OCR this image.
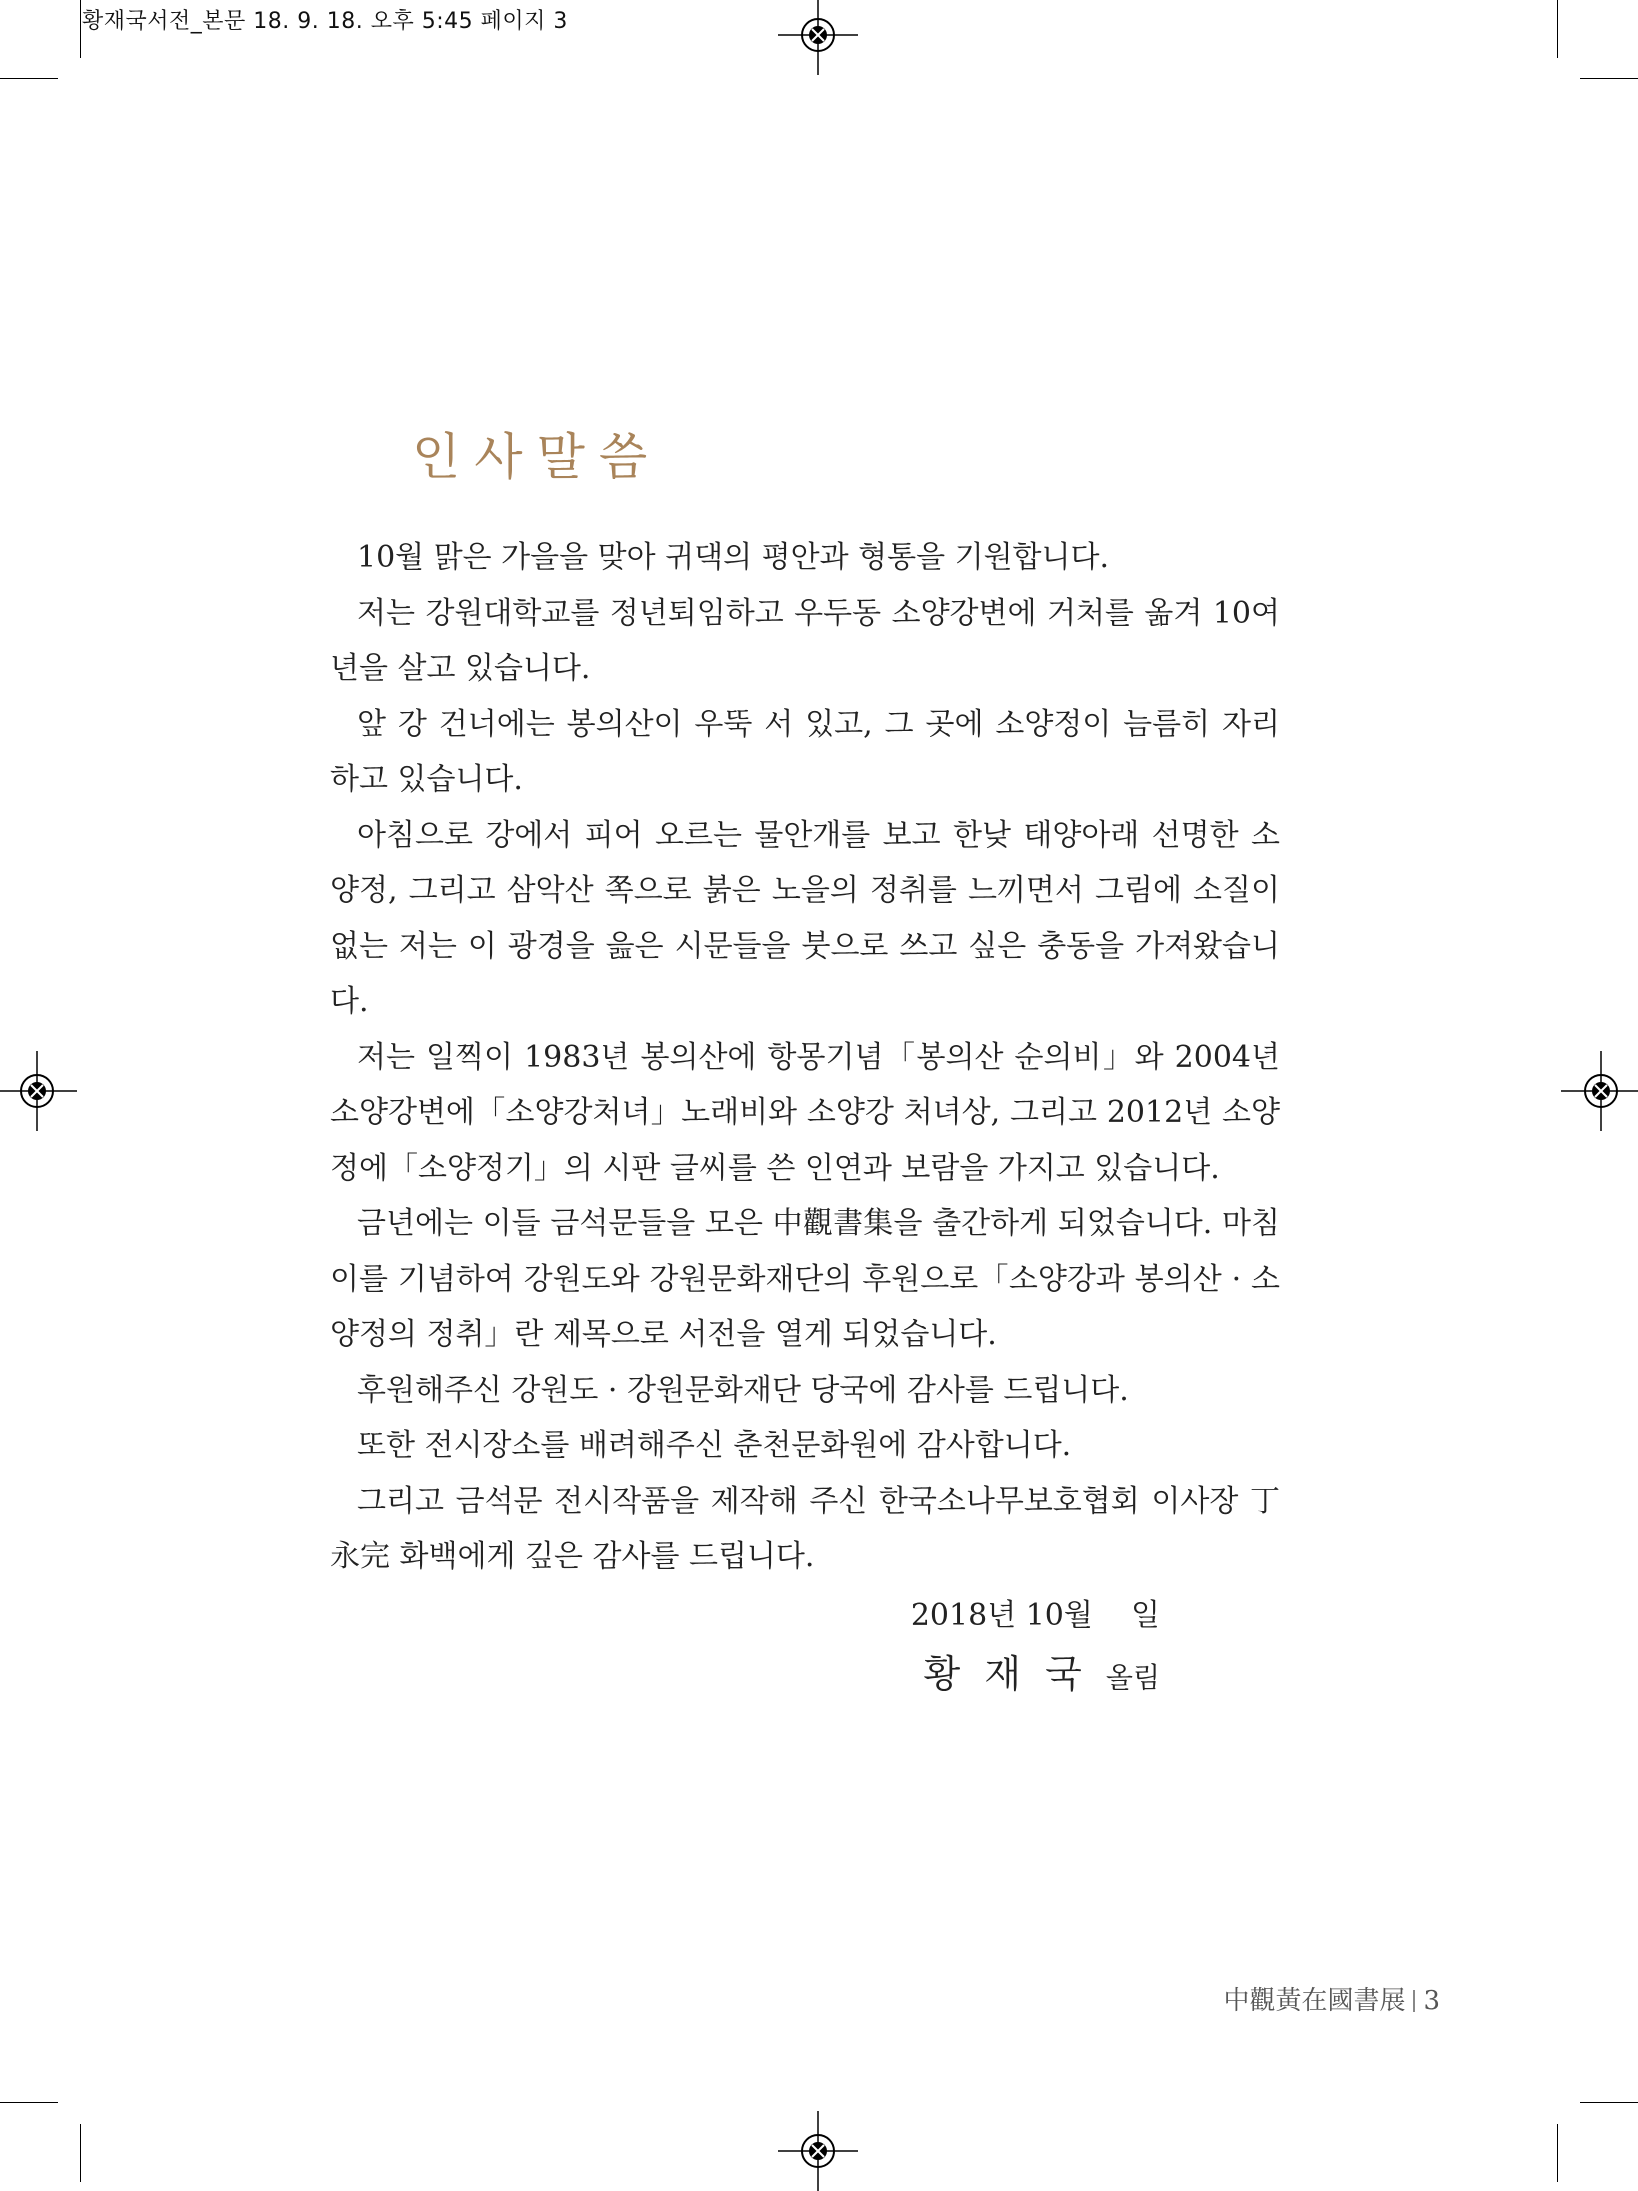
황재국서전_본문 18. 9. 18. 오후 5:45 페이지 3
인사말씀

10월 맑은 가을을 맞아 귀댁의 평안과 형통을 기원합니다.

저는 강원대학교를 정년퇴임하고 우두동 소양강변에 거처를 옮겨 10여년을 살고 있습니다.

앞 강 건너에는 봉의산이 우뚝 서 있고, 그 곳에 소양정이 늠름히 자리하고 있습니다.

아침으로 강에서 피어 오르는 물안개를 보고 한낮 태양아래 선명한 소양정, 그리고 삼악산 쪽으로 붉은 노을의 정취를 느끼면서 그림에 소질이 없는 저는 이 광경을 읊은 시문들을 붓으로 쓰고 싶은 충동을 가져왔습니다.

저는 일찍이 1983년 봉의산에 항몽기념「봉의산 순의비」와 2004년 소양강변에「소양강처녀」노래비와 소양강 처녀상, 그리고 2012년 소양정에「소양정기」의 시판 글씨를 쓴 인연과 보람을 가지고 있습니다.

금년에는 이들 금석문들을 모은 中觀書集을 출간하게 되었습니다. 마침 이를 기념하여 강원도와 강원문화재단의 후원으로「소양강과 봉의산 · 소양정의 정취」란 제목으로 서전을 열게 되었습니다.

후원해주신 강원도 · 강원문화재단 당국에 감사를 드립니다.

또한 전시장소를 배려해주신 춘천문화원에 감사합니다.

그리고 금석문 전시작품을 제작해 주신 한국소나무보호협회 이사장 丁永完 화백에게 깊은 감사를 드립니다.

2018년 10월    일
황 재 국 올림
中觀黃在國書展 3
